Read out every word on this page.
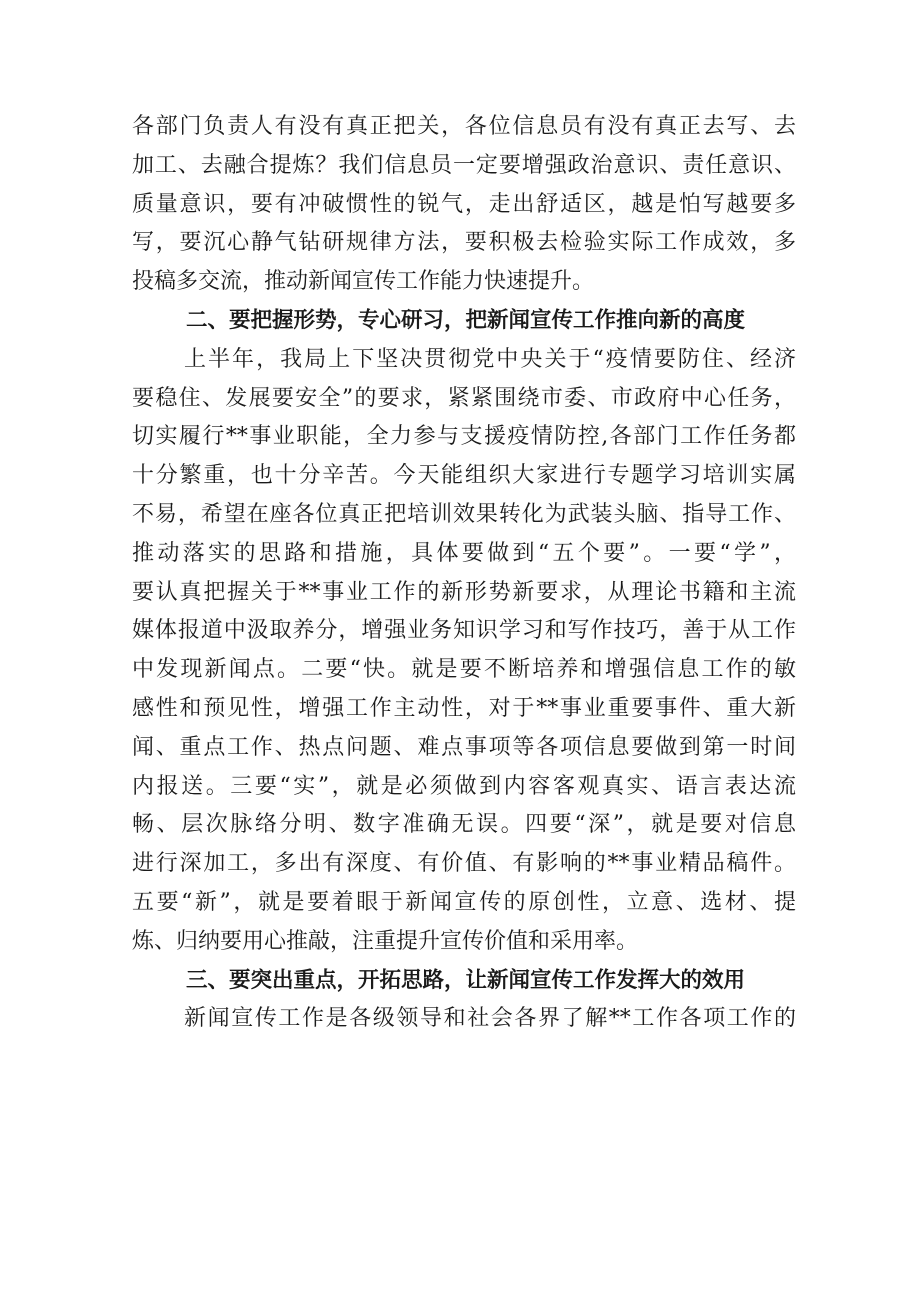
各部门负责人有没有真正把关，各位信息员有没有真正去写、去
加工、去融合提炼？我们信息员一定要增强政治意识、责任意识、
质量意识，要有冲破惯性的锐气，走出舒适区，越是怕写越要多
写，要沉心静气钻研规律方法，要积极去检验实际工作成效，多
投稿多交流，推动新闻宣传工作能力快速提升。
二、要把握形势，专心研习，把新闻宣传工作推向新的高度
上半年，我局上下坚决贯彻党中央关于“疫情要防住、经济
要稳住、发展要安全”的要求，紧紧围绕市委、市政府中心任务，
切实履行**事业职能，全力参与支援疫情防控,各部门工作任务都
十分繁重，也十分辛苦。今天能组织大家进行专题学习培训实属
不易，希望在座各位真正把培训效果转化为武装头脑、指导工作、
推动落实的思路和措施，具体要做到“五个要”。一要“学”，
要认真把握关于**事业工作的新形势新要求，从理论书籍和主流
媒体报道中汲取养分，增强业务知识学习和写作技巧，善于从工作
中发现新闻点。二要“快。就是要不断培养和增强信息工作的敏
感性和预见性，增强工作主动性，对于**事业重要事件、重大新
闻、重点工作、热点问题、难点事项等各项信息要做到第一时间
内报送。三要“实”，就是必须做到内容客观真实、语言表达流
畅、层次脉络分明、数字准确无误。四要“深”，就是要对信息
进行深加工，多出有深度、有价值、有影响的**事业精品稿件。
五要“新”，就是要着眼于新闻宣传的原创性，立意、选材、提
炼、归纳要用心推敲，注重提升宣传价值和采用率。
三、要突出重点，开拓思路，让新闻宣传工作发挥大的效用
新闻宣传工作是各级领导和社会各界了解**工作各项工作的
